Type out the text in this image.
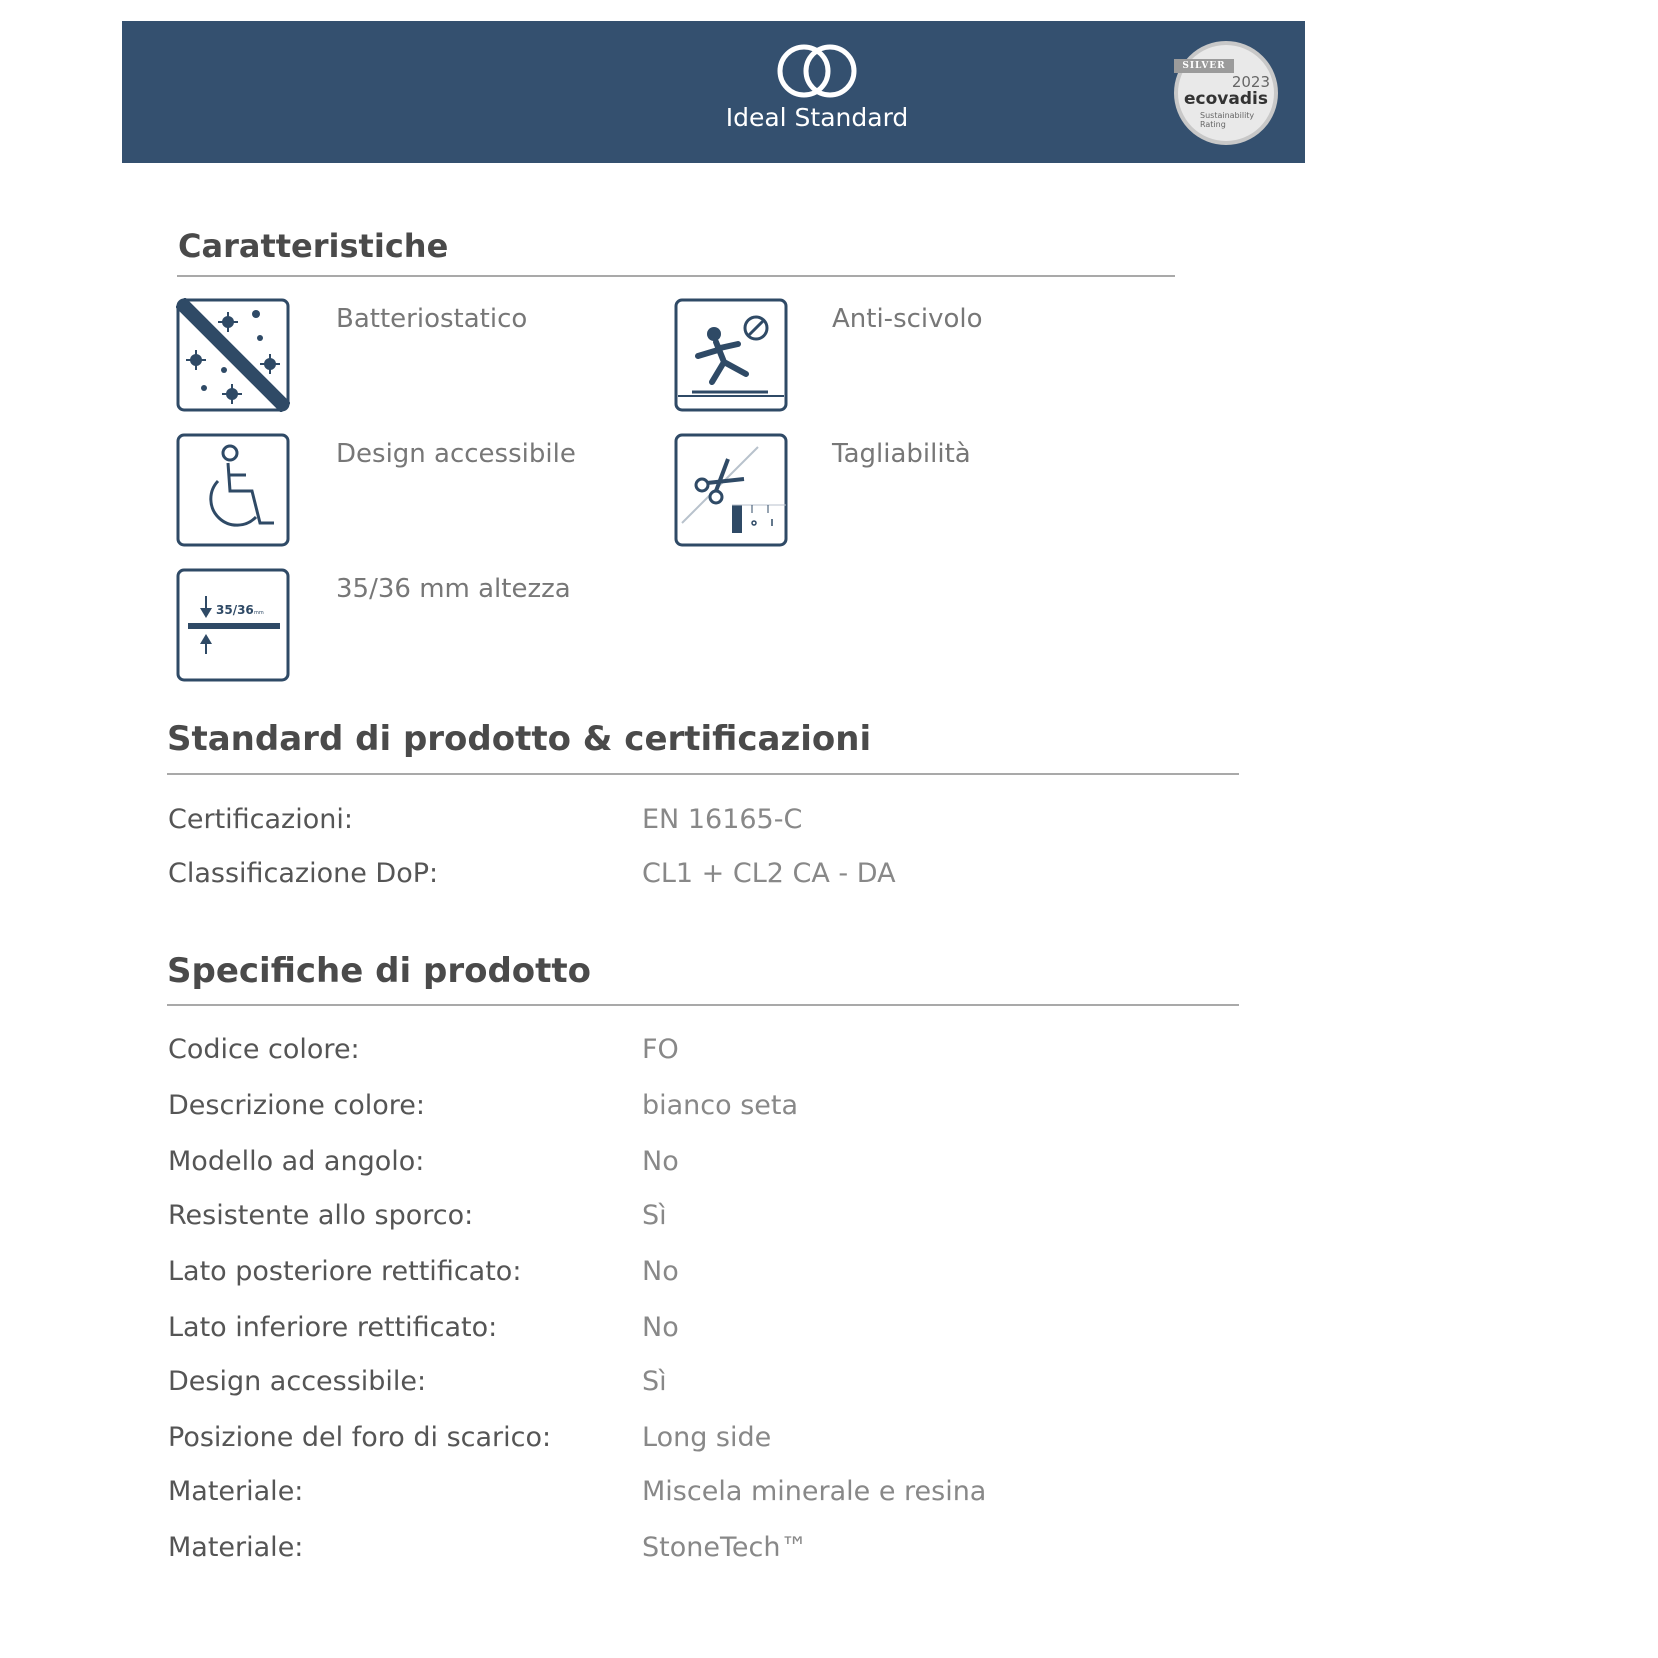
Ideal Standard
SILVER
2023
ecovadis
Sustainability
Rating
Caratteristiche
Batteriostatico	Anti-scivolo
Design accessibile	Tagliabilità
35/36 mm
35/36 mm altezza
Standard di prodotto & certificazioni
Certificazioni:	EN 16165-C
Classificazione DoP:	CL1 + CL2 CA - DA
Specifiche di prodotto
Codice colore:	FO
Descrizione colore:	bianco seta
Modello ad angolo:	No
Resistente allo sporco:	Sì
Lato posteriore rettificato:	No
Lato inferiore rettificato:	No
Design accessibile:	Sì
Posizione del foro di scarico:	Long side
Materiale:	Miscela minerale e resina
Materiale:	StoneTech™
